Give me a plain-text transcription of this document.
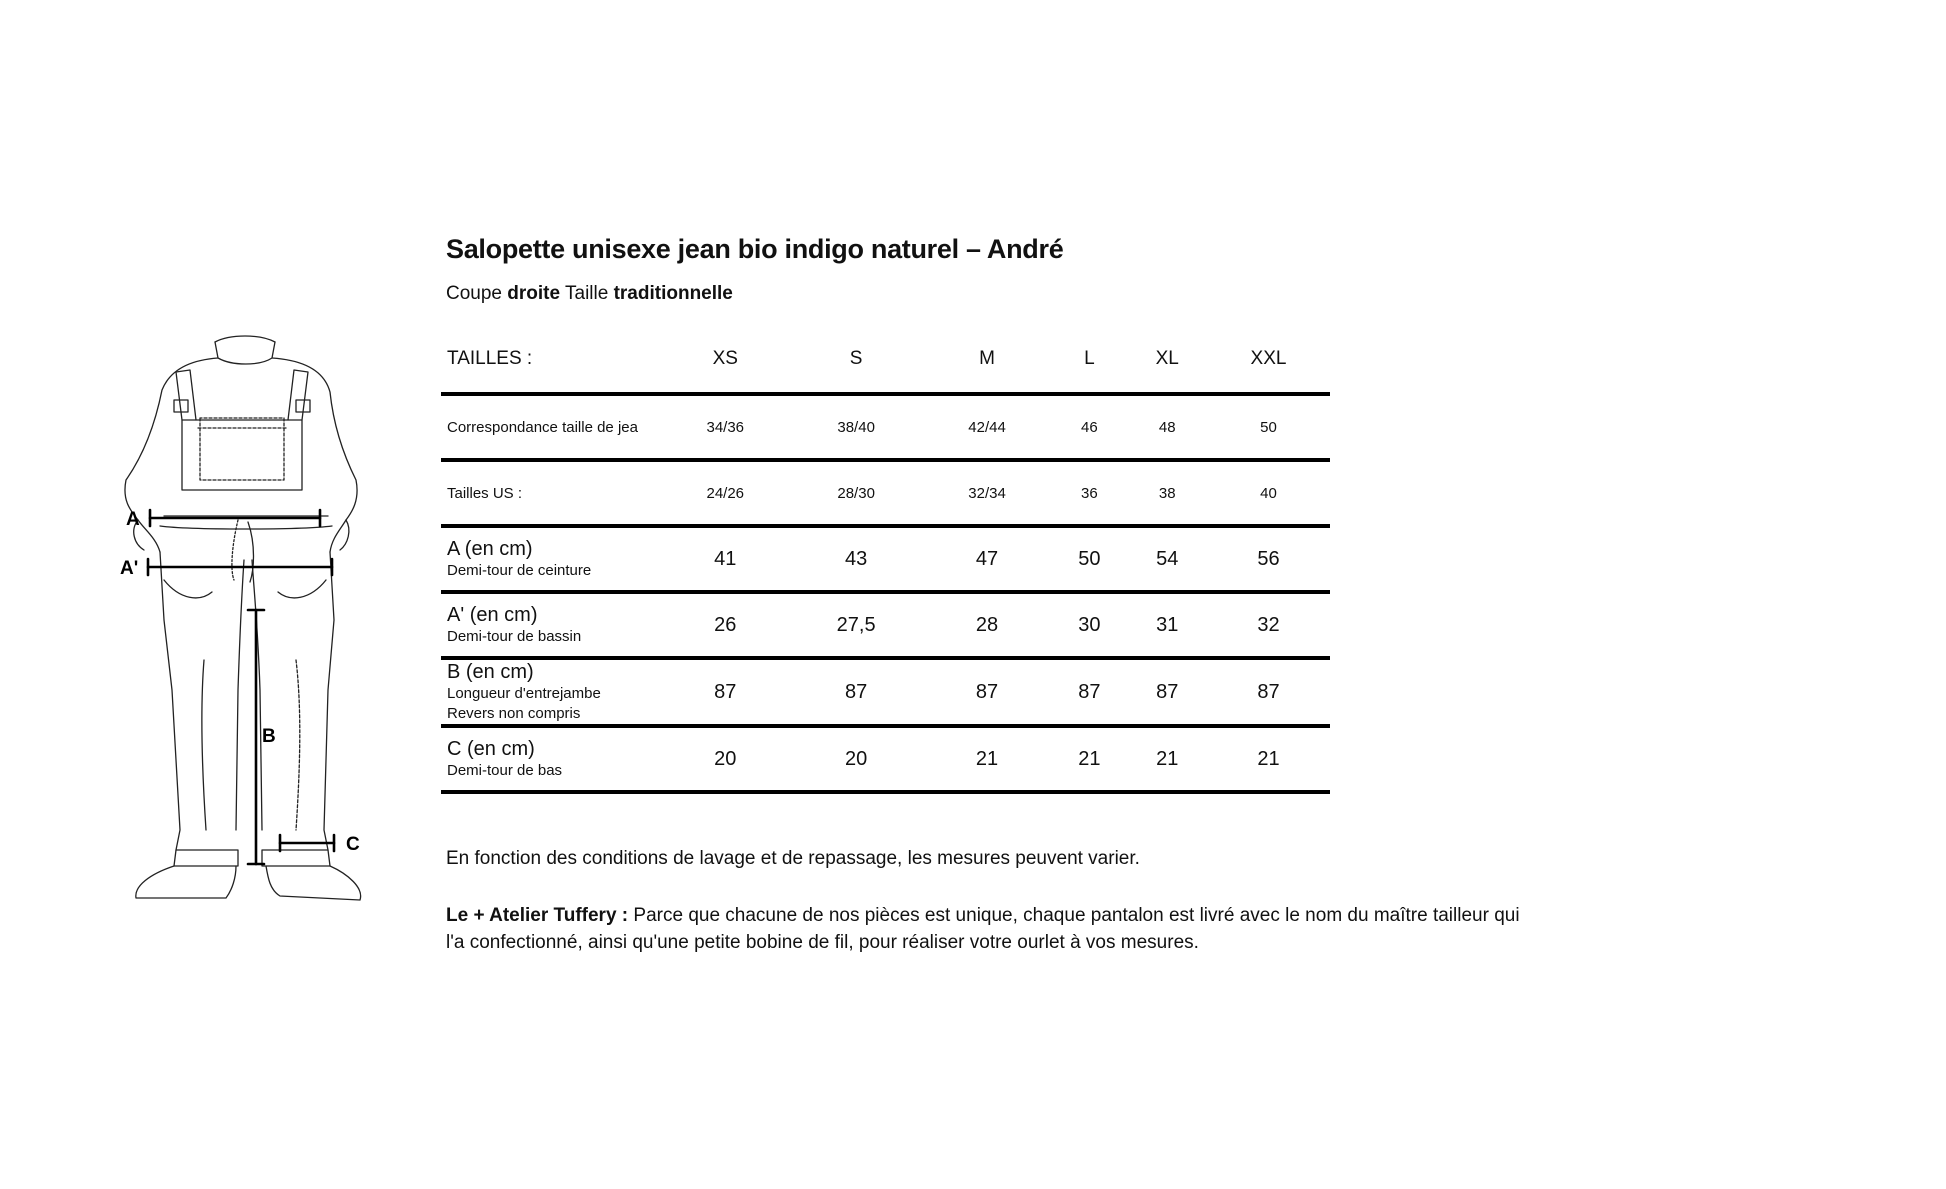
A
A'
B
C
Salopette unisexe jean bio indigo naturel – André
Coupe droite Taille traditionnelle
TAILLES :	XS	S	M	L	XL	XXL
Correspondance taille de jea	34/36	38/40	42/44	46	48	50
Tailles US :	24/26	28/30	32/34	36	38	40

A (en cm)
Demi-tour de ceinture	41	43	47	50	54	56

A' (en cm)
Demi-tour de bassin	26	27,5	28	30	31	32

B (en cm)
Longueur d'entrejambe
Revers non compris	87	87	87	87	87	87

C (en cm)
Demi-tour de bas	20	20	21	21	21	21
En fonction des conditions de lavage et de repassage, les mesures peuvent varier.
Le + Atelier Tuffery : Parce que chacune de nos pièces est unique, chaque pantalon est livré avec le nom du maître tailleur qui l'a confectionné, ainsi qu'une petite bobine de fil, pour réaliser votre ourlet à vos mesures.
